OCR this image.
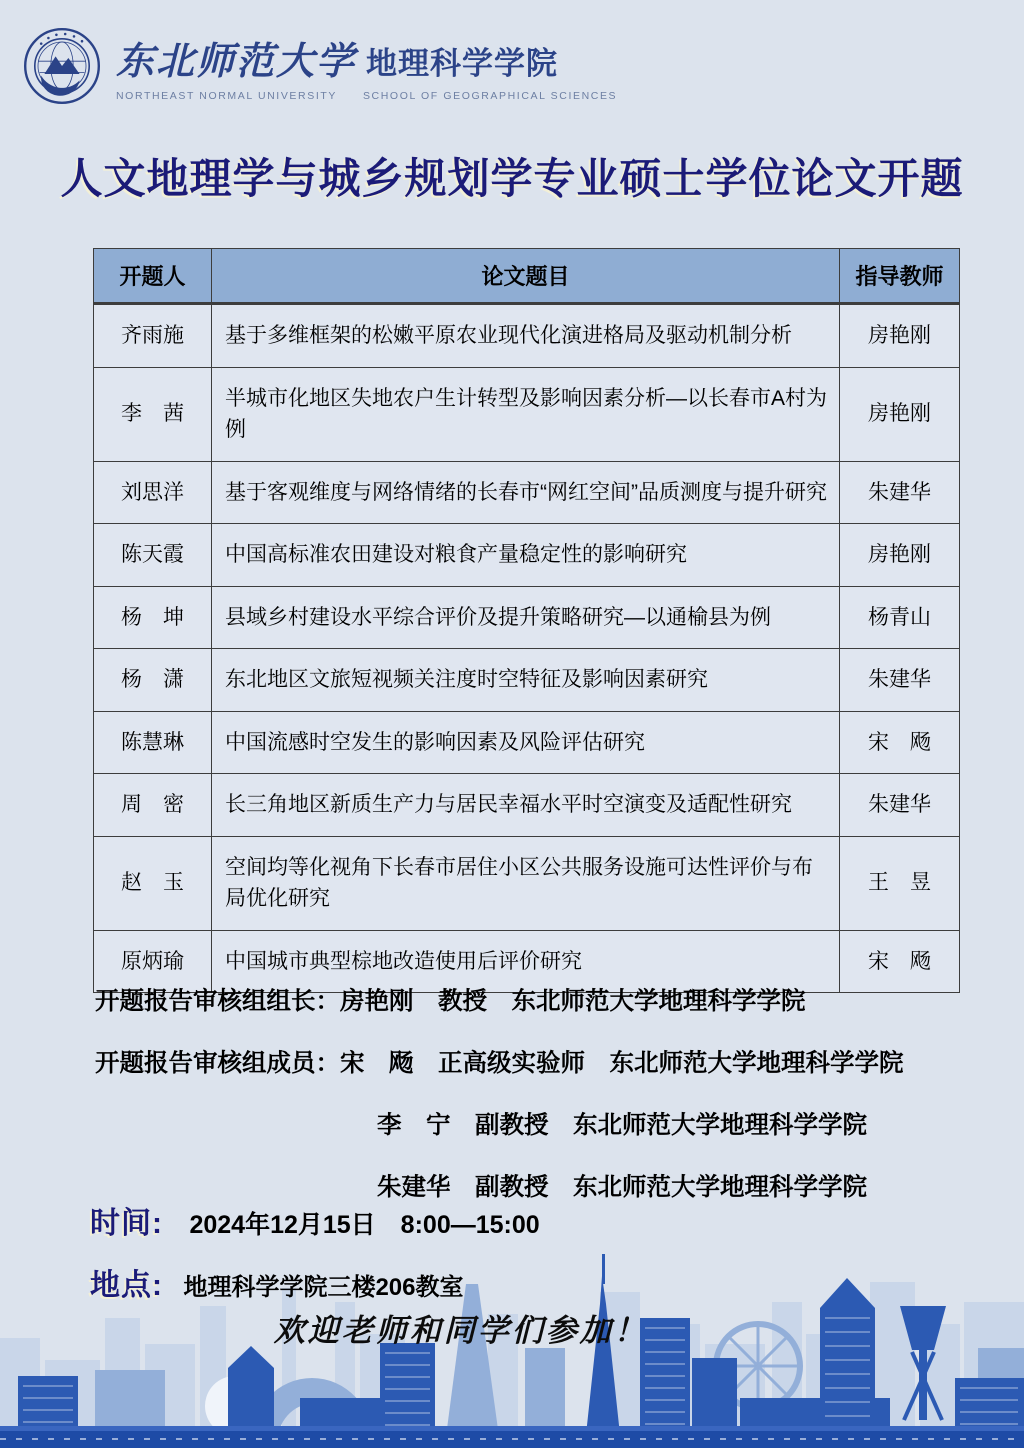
东北师范大学 地理科学学院
NORTHEAST NORMAL UNIVERSITY SCHOOL OF GEOGRAPHICAL SCIENCES
人文地理学与城乡规划学专业硕士学位论文开题
开题人	论文题目	指导教师
齐雨施	基于多维框架的松嫩平原农业现代化演进格局及驱动机制分析	房艳刚
李　茜	半城市化地区失地农户生计转型及影响因素分析—以长春市A村为例	房艳刚
刘思洋	基于客观维度与网络情绪的长春市“网红空间”品质测度与提升研究	朱建华
陈天霞	中国高标准农田建设对粮食产量稳定性的影响研究	房艳刚
杨　坤	县域乡村建设水平综合评价及提升策略研究—以通榆县为例	杨青山
杨　潇	东北地区文旅短视频关注度时空特征及影响因素研究	朱建华
陈慧琳	中国流感时空发生的影响因素及风险评估研究	宋　飏
周　密	长三角地区新质生产力与居民幸福水平时空演变及适配性研究	朱建华
赵　玉	空间均等化视角下长春市居住小区公共服务设施可达性评价与布局优化研究	王　昱
原炳瑜	中国城市典型棕地改造使用后评价研究	宋　飏
开题报告审核组组长：房艳刚　教授　东北师范大学地理科学学院
开题报告审核组成员：宋　飏　正高级实验师　东北师范大学地理科学学院
李　宁　副教授　东北师范大学地理科学学院
朱建华　副教授　东北师范大学地理科学学院
时间: 2024年12月15日　8:00—15:00
地点: 地理科学学院三楼206教室
欢迎老师和同学们参加！
